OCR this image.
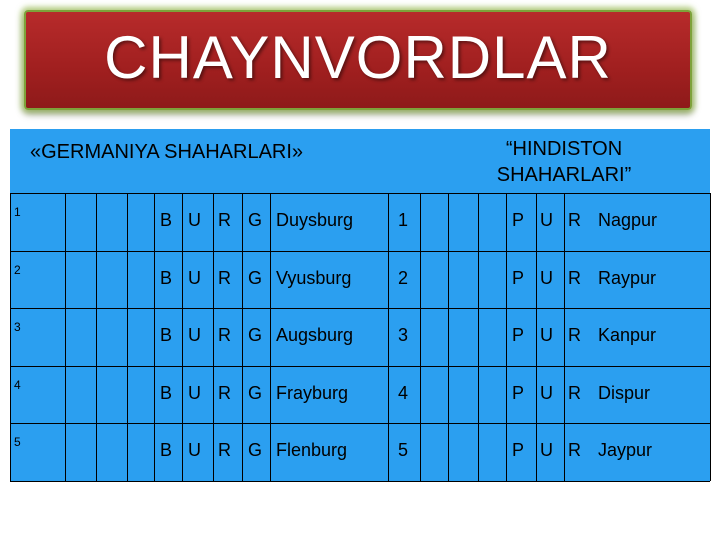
CHAYNVORDLAR
«GERMANIYA SHAHARLARI»	“HINDISTON
SHAHARLARI”
1	B U R G Duysburg 1	P U R Nagpur
2	B U R G Vyusburg	2	P U R Raypur
3	B U R G Augsburg 3	P U R Kanpur
4	B U R G Frayburg	4	P U R Dispur
5	B U R G Flenburg	5	P U R Jaypur
